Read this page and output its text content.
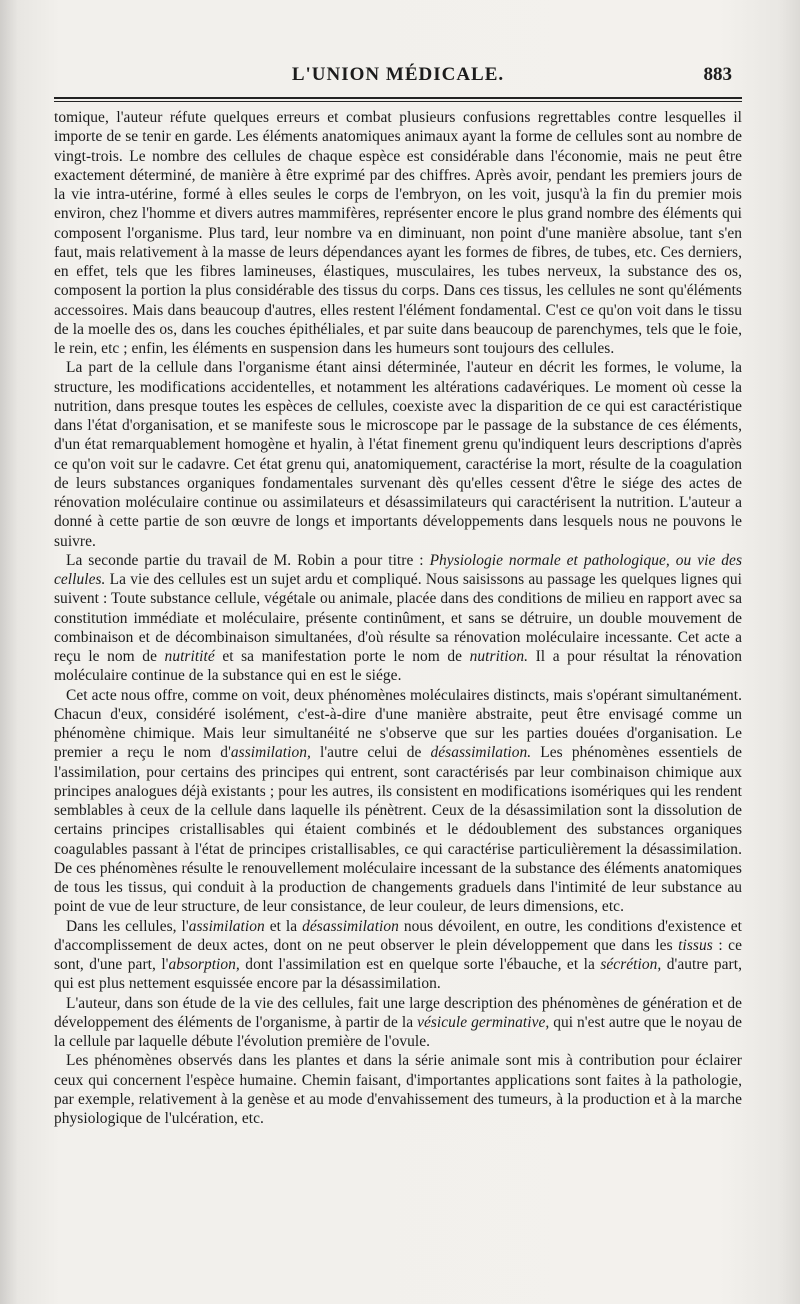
L'UNION MÉDICALE.	883

tomique, l'auteur réfute quelques erreurs et combat plusieurs confusions regrettables contre lesquelles il importe de se tenir en garde. Les éléments anatomiques animaux ayant la forme de cellules sont au nombre de vingt-trois. Le nombre des cellules de chaque espèce est considérable dans l'économie, mais ne peut être exactement déterminé, de manière à être exprimé par des chiffres. Après avoir, pendant les premiers jours de la vie intra-utérine, formé à elles seules le corps de l'embryon, on les voit, jusqu'à la fin du premier mois environ, chez l'homme et divers autres mammifères, représenter encore le plus grand nombre des éléments qui composent l'organisme. Plus tard, leur nombre va en diminuant, non point d'une manière absolue, tant s'en faut, mais relativement à la masse de leurs dépendances ayant les formes de fibres, de tubes, etc. Ces derniers, en effet, tels que les fibres lamineuses, élastiques, musculaires, les tubes nerveux, la substance des os, composent la portion la plus considérable des tissus du corps. Dans ces tissus, les cellules ne sont qu'éléments accessoires. Mais dans beaucoup d'autres, elles restent l'élément fondamental. C'est ce qu'on voit dans le tissu de la moelle des os, dans les couches épithéliales, et par suite dans beaucoup de parenchymes, tels que le foie, le rein, etc ; enfin, les éléments en suspension dans les humeurs sont toujours des cellules.

La part de la cellule dans l'organisme étant ainsi déterminée, l'auteur en décrit les formes, le volume, la structure, les modifications accidentelles, et notamment les altérations cadavériques. Le moment où cesse la nutrition, dans presque toutes les espèces de cellules, coexiste avec la disparition de ce qui est caractéristique dans l'état d'organisation, et se manifeste sous le microscope par le passage de la substance de ces éléments, d'un état remarquablement homogène et hyalin, à l'état finement grenu qu'indiquent leurs descriptions d'après ce qu'on voit sur le cadavre. Cet état grenu qui, anatomiquement, caractérise la mort, résulte de la coagulation de leurs substances organiques fondamentales survenant dès qu'elles cessent d'être le siége des actes de rénovation moléculaire continue ou assimilateurs et désassimilateurs qui caractérisent la nutrition. L'auteur a donné à cette partie de son œuvre de longs et importants développements dans lesquels nous ne pouvons le suivre.

La seconde partie du travail de M. Robin a pour titre : Physiologie normale et pathologique, ou vie des cellules. La vie des cellules est un sujet ardu et compliqué. Nous saisissons au passage les quelques lignes qui suivent : Toute substance cellule, végétale ou animale, placée dans des conditions de milieu en rapport avec sa constitution immédiate et moléculaire, présente continûment, et sans se détruire, un double mouvement de combinaison et de décombinaison simultanées, d'où résulte sa rénovation moléculaire incessante. Cet acte a reçu le nom de nutritité et sa manifestation porte le nom de nutrition. Il a pour résultat la rénovation moléculaire continue de la substance qui en est le siége.

Cet acte nous offre, comme on voit, deux phénomènes moléculaires distincts, mais s'opérant simultanément. Chacun d'eux, considéré isolément, c'est-à-dire d'une manière abstraite, peut être envisagé comme un phénomène chimique. Mais leur simultanéité ne s'observe que sur les parties douées d'organisation. Le premier a reçu le nom d'assimilation, l'autre celui de désassimilation. Les phénomènes essentiels de l'assimilation, pour certains des principes qui entrent, sont caractérisés par leur combinaison chimique aux principes analogues déjà existants ; pour les autres, ils consistent en modifications isomériques qui les rendent semblables à ceux de la cellule dans laquelle ils pénètrent. Ceux de la désassimilation sont la dissolution de certains principes cristallisables qui étaient combinés et le dédoublement des substances organiques coagulables passant à l'état de principes cristallisables, ce qui caractérise particulièrement la désassimilation. De ces phénomènes résulte le renouvellement moléculaire incessant de la substance des éléments anatomiques de tous les tissus, qui conduit à la production de changements graduels dans l'intimité de leur substance au point de vue de leur structure, de leur consistance, de leur couleur, de leurs dimensions, etc.

Dans les cellules, l'assimilation et la désassimilation nous dévoilent, en outre, les conditions d'existence et d'accomplissement de deux actes, dont on ne peut observer le plein développement que dans les tissus : ce sont, d'une part, l'absorption, dont l'assimilation est en quelque sorte l'ébauche, et la sécrétion, d'autre part, qui est plus nettement esquissée encore par la désassimilation.

L'auteur, dans son étude de la vie des cellules, fait une large description des phénomènes de génération et de développement des éléments de l'organisme, à partir de la vésicule germinative, qui n'est autre que le noyau de la cellule par laquelle débute l'évolution première de l'ovule.

Les phénomènes observés dans les plantes et dans la série animale sont mis à contribution pour éclairer ceux qui concernent l'espèce humaine. Chemin faisant, d'importantes applications sont faites à la pathologie, par exemple, relativement à la genèse et au mode d'envahissement des tumeurs, à la production et à la marche physiologique de l'ulcération, etc.
